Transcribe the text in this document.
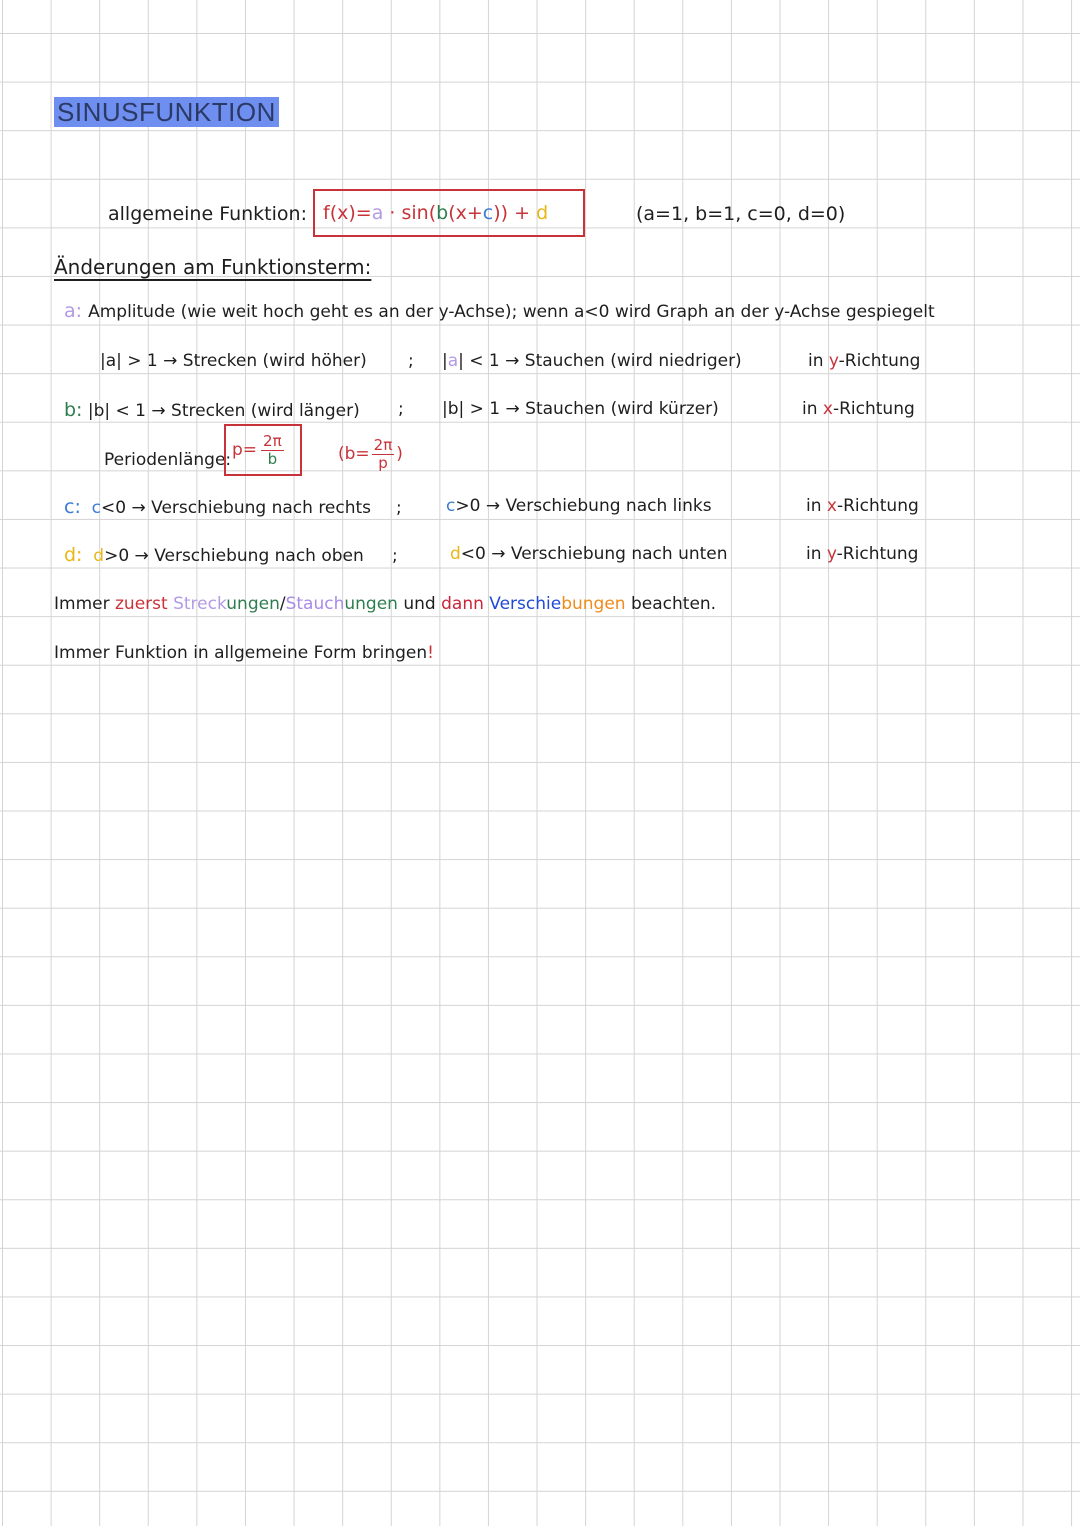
SINUSFUNKTION
allgemeine Funktion: f(x)=a · sin(b(x+c)) + d	(a=1, b=1, c=0, d=0)
Änderungen am Funktionsterm:
a: Amplitude (wie weit hoch geht es an der y-Achse); wenn a<0 wird Graph an der y-Achse gespiegelt
|a| > 1 → Strecken (wird höher) ; |a| < 1 → Stauchen (wird niedriger)	in y-Richtung
b: |b| < 1 → Strecken (wird länger) ; |b| > 1 → Stauchen (wird kürzer)	in x-Richtung
Periodenlänge: $p= \frac{2\pi}{b}$	($b= \frac{2\pi}{p}$ )
c: c<0 → Verschiebung nach rechts ;	c>0 → Verschiebung nach links	in x-Richtung
d: d>0 → Verschiebung nach oben ;	d<0 → Verschiebung nach unten	in y-Richtung
Immer zuerst Streckungen/Stauchungen und dann Verschiebungen beachten.
Immer Funktion in allgemeine Form bringen!
